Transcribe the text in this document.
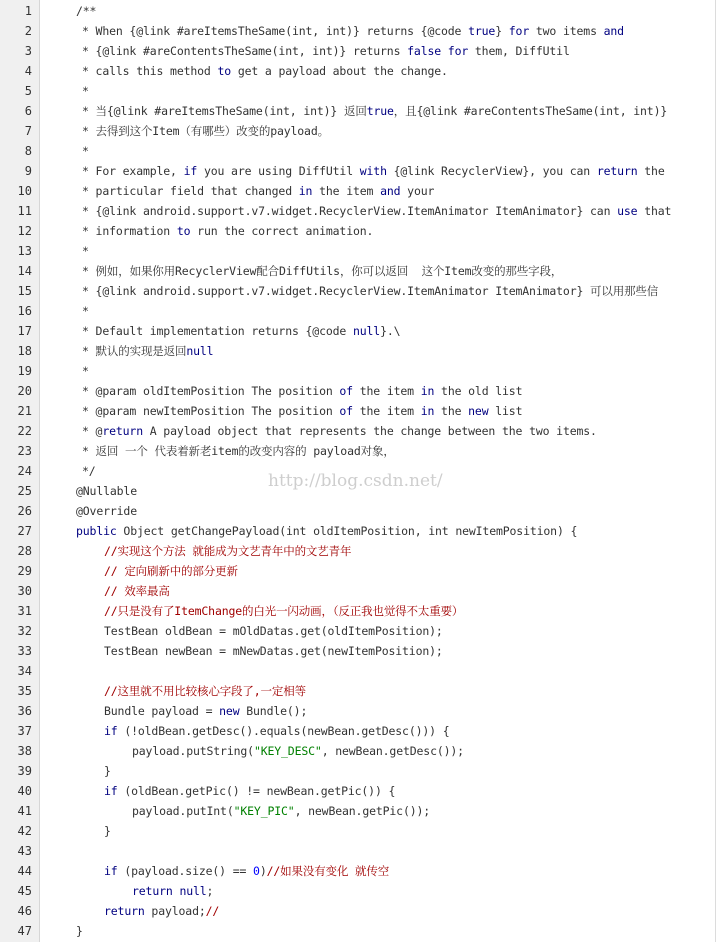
1	/**
2	* When {@link #areItemsTheSame(int, int)} returns {@code true} for two items and
3	* {@link #areContentsTheSame(int, int)} returns false for them, DiffUtil
4	* calls this method to get a payload about the change.
5	*
6	* 当{@link #areItemsTheSame(int, int)} 返回true，且{@link #areContentsTheSame(int, int)}
7	* 去得到这个Item（有哪些）改变的payload。
8	*
9	* For example, if you are using DiffUtil with {@link RecyclerView}, you can return the
10	* particular field that changed in the item and your
11	* {@link android.support.v7.widget.RecyclerView.ItemAnimator ItemAnimator} can use that
12	* information to run the correct animation.
13	*
14	* 例如，如果你用RecyclerView配合DiffUtils，你可以返回  这个Item改变的那些字段，
15	* {@link android.support.v7.widget.RecyclerView.ItemAnimator ItemAnimator} 可以用那些信
16	*
17	* Default implementation returns {@code null}.\
18	* 默认的实现是返回null
19	*
20	* @param oldItemPosition The position of the item in the old list
21	* @param newItemPosition The position of the item in the new list
22	* @return A payload object that represents the change between the two items.
23	* 返回 一个 代表着新老item的改变内容的 payload对象，
24	*/
25	@Nullable
26	@Override
27	public Object getChangePayload(int oldItemPosition, int newItemPosition) {
28	//实现这个方法 就能成为文艺青年中的文艺青年
29	// 定向刷新中的部分更新
30	// 效率最高
31	//只是没有了ItemChange的白光一闪动画，（反正我也觉得不太重要）
32	TestBean oldBean = mOldDatas.get(oldItemPosition);
33	TestBean newBean = mNewDatas.get(newItemPosition);
34
35	//这里就不用比较核心字段了,一定相等
36	Bundle payload = new Bundle();
37	if (!oldBean.getDesc().equals(newBean.getDesc())) {
38	payload.putString("KEY_DESC", newBean.getDesc());
39	}
40	if (oldBean.getPic() != newBean.getPic()) {
41	payload.putInt("KEY_PIC", newBean.getPic());
42	}
43
44	if (payload.size() == 0)//如果没有变化 就传空
45	return null;
46	return payload;//
47	}
http://blog.csdn.net/
